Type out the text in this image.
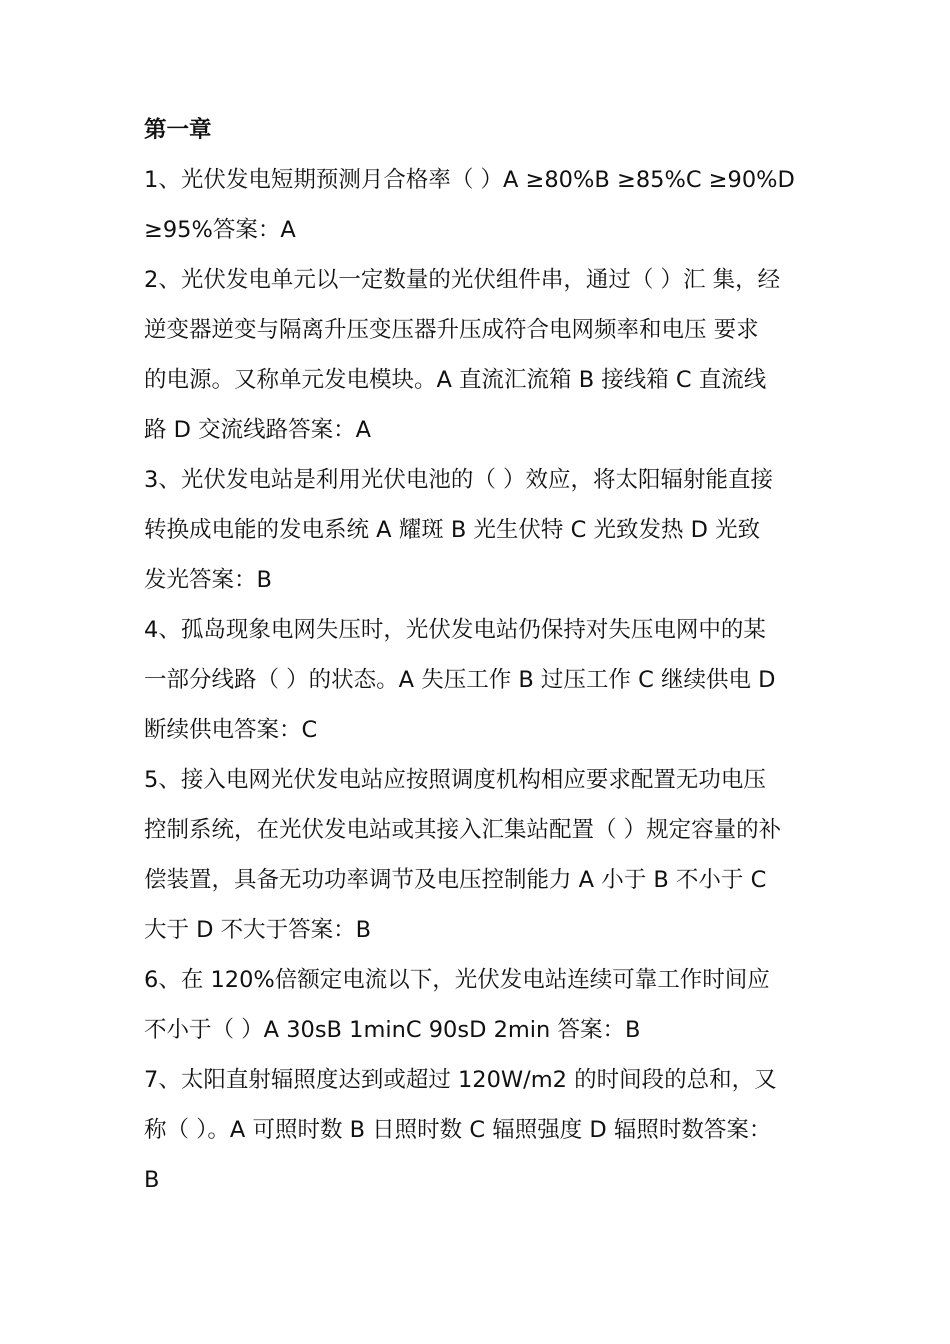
第一章
1、光伏发电短期预测月合格率（ ）A ≥80%B ≥85%C ≥90%D
≥95%答案：A
2、光伏发电单元以一定数量的光伏组件串，通过（ ）汇 集，经
逆变器逆变与隔离升压变压器升压成符合电网频率和电压 要求
的电源。又称单元发电模块。A 直流汇流箱 B 接线箱 C 直流线
路 D 交流线路答案：A
3、光伏发电站是利用光伏电池的（ ）效应，将太阳辐射能直接
转换成电能的发电系统 A 耀斑 B 光生伏特 C 光致发热 D 光致
发光答案：B
4、孤岛现象电网失压时，光伏发电站仍保持对失压电网中的某
一部分线路（ ）的状态。A 失压工作 B 过压工作 C 继续供电 D
断续供电答案：C
5、接入电网光伏发电站应按照调度机构相应要求配置无功电压
控制系统，在光伏发电站或其接入汇集站配置（ ）规定容量的补
偿装置，具备无功功率调节及电压控制能力 A 小于 B 不小于 C
大于 D 不大于答案：B
6、在 120%倍额定电流以下，光伏发电站连续可靠工作时间应
不小于（ ）A 30sB 1minC 90sD 2min 答案：B
7、太阳直射辐照度达到或超过 120W/m2 的时间段的总和，又
称（ ）。A 可照时数 B 日照时数 C 辐照强度 D 辐照时数答案：
B
